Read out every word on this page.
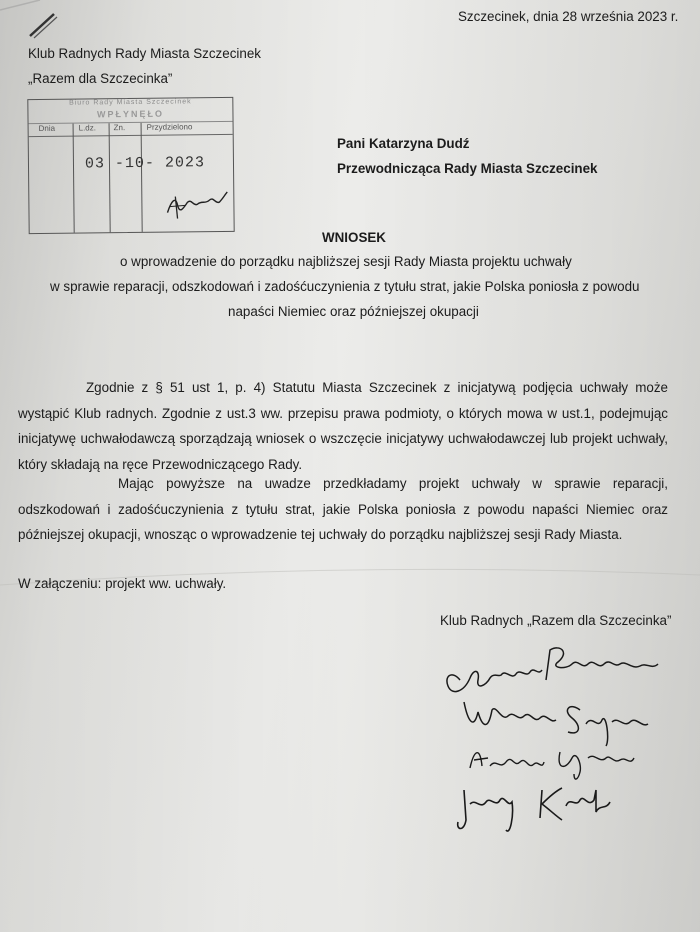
Szczecinek, dnia 28 września 2023 r.
Klub Radnych Rady Miasta Szczecinek
„Razem dla Szczecinka”
Biuro Rady Miasta Szczecinek
WPŁYNĘŁO
Dnia	L.dz. Zn.	Przydzielono
03 -10- 2023
Pani Katarzyna Dudź
Przewodnicząca Rady Miasta Szczecinek
WNIOSEK
o wprowadzenie do porządku najbliższej sesji Rady Miasta projektu uchwały
w sprawie reparacji, odszkodowań i zadośćuczynienia z tytułu strat, jakie Polska poniosła z powodu
napaści Niemiec oraz późniejszej okupacji
Zgodnie z § 51 ust 1, p. 4) Statutu Miasta Szczecinek z inicjatywą podjęcia uchwały może wystąpić Klub radnych. Zgodnie z ust.3 ww. przepisu prawa podmioty, o których mowa w ust.1, podejmując inicjatywę uchwałodawczą sporządzają wniosek o wszczęcie inicjatywy uchwałodawczej lub projekt uchwały, który składają na ręce Przewodniczącego Rady.
Mając powyższe na uwadze przedkładamy projekt uchwały w sprawie reparacji, odszkodowań i zadośćuczynienia z tytułu strat, jakie Polska poniosła z powodu napaści Niemiec oraz późniejszej okupacji, wnosząc o wprowadzenie tej uchwały do porządku najbliższej sesji Rady Miasta.
W załączeniu: projekt ww. uchwały.
Klub Radnych „Razem dla Szczecinka”
